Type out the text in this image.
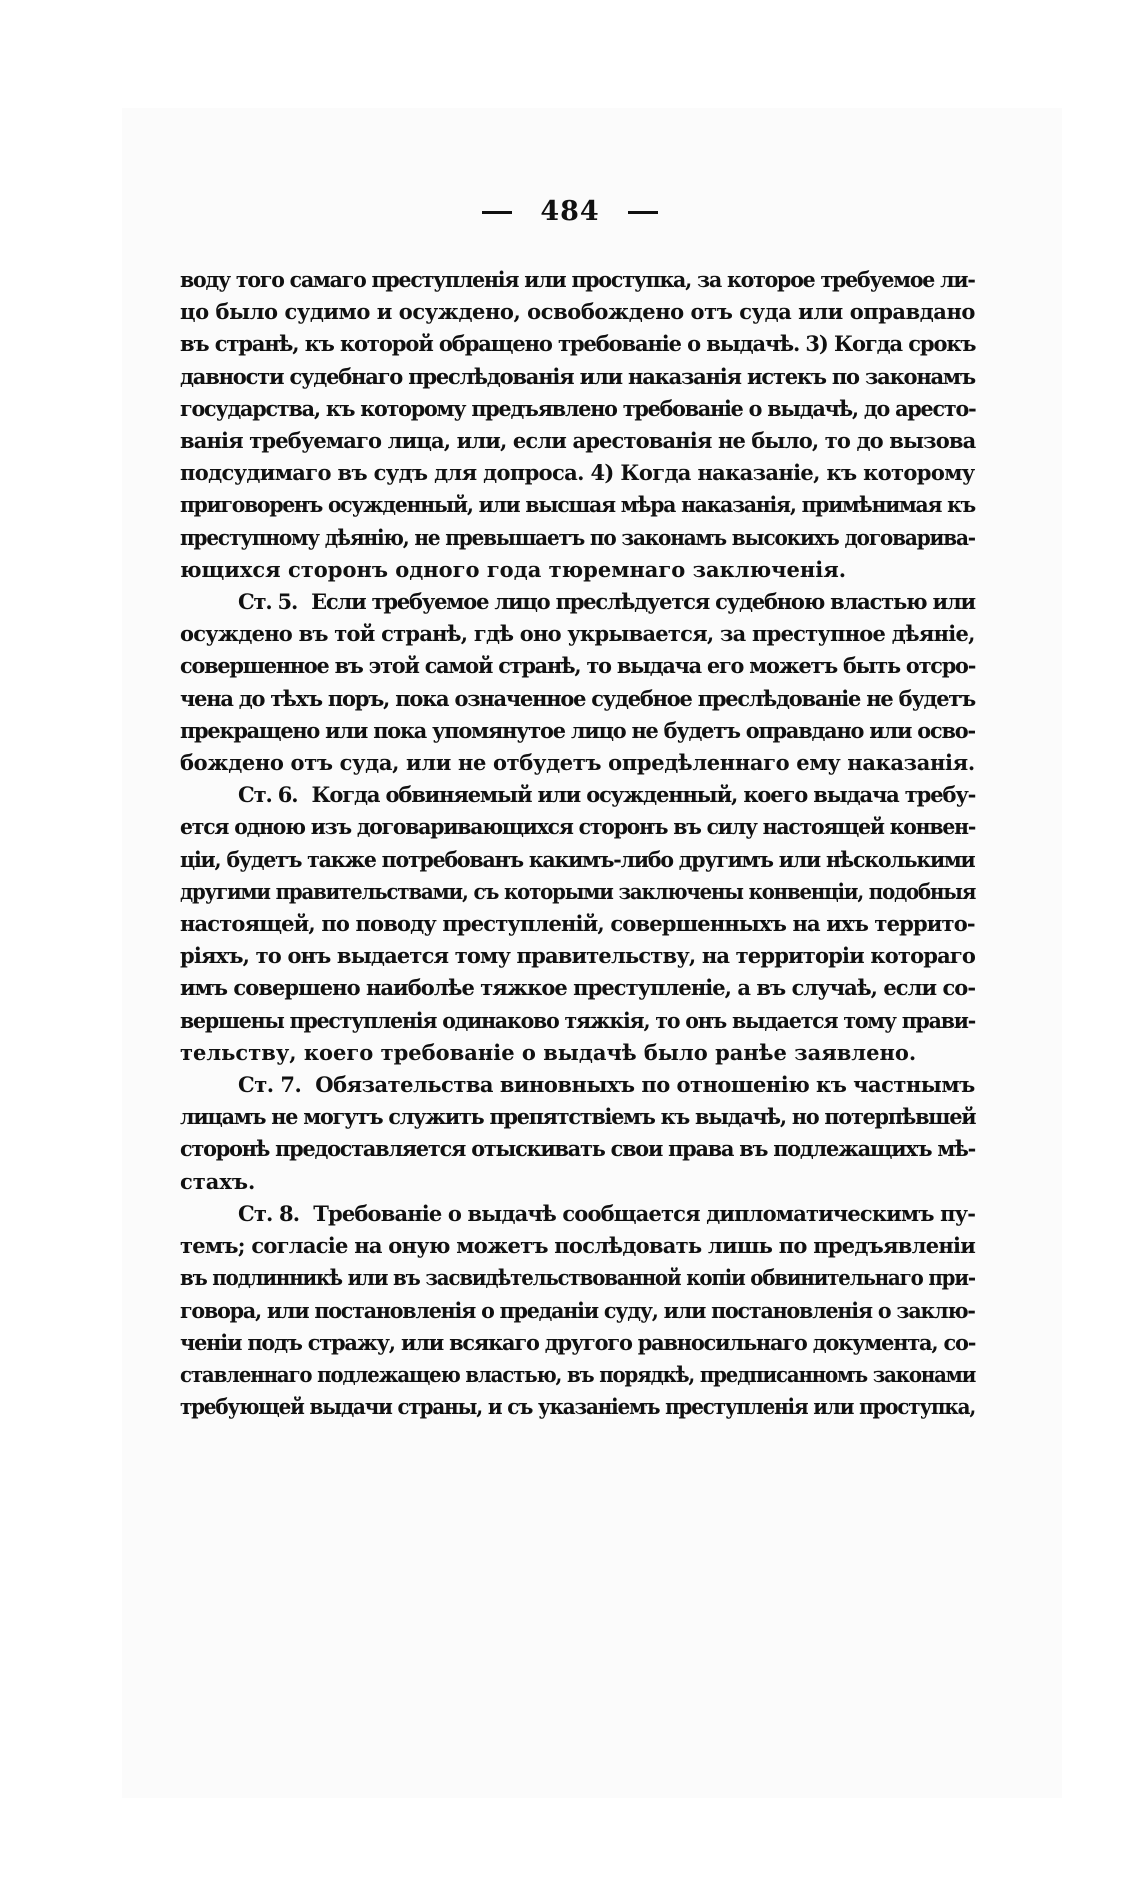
484

воду того самаго преступленія или проступка, за которое требуемое ли-
цо было судимо и осуждено, освобождено отъ суда или оправдано
въ странѣ, къ которой обращено требованіе о выдачѣ. 3) Когда срокъ
давности судебнаго преслѣдованія или наказанія истекъ по законамъ
государства, къ которому предъявлено требованіе о выдачѣ, до аресто-
ванія требуемаго лица, или, если арестованія не было, то до вызова
подсудимаго въ судъ для допроса. 4) Когда наказаніе, къ которому
приговоренъ осужденный, или высшая мѣра наказанія, примѣнимая къ
преступному дѣянію, не превышаетъ по законамъ высокихъ договарива-
ющихся сторонъ одного года тюремнаго заключенія.

Ст. 5. Если требуемое лицо преслѣдуется судебною властью или
осуждено въ той странѣ, гдѣ оно укрывается, за преступное дѣяніе,
совершенное въ этой самой странѣ, то выдача его можетъ быть отсро-
чена до тѣхъ поръ, пока означенное судебное преслѣдованіе не будетъ
прекращено или пока упомянутое лицо не будетъ оправдано или осво-
бождено отъ суда, или не отбудетъ опредѣленнаго ему наказанія.

Ст. 6. Когда обвиняемый или осужденный, коего выдача требу-
ется одною изъ договаривающихся сторонъ въ силу настоящей конвен-
ціи, будетъ также потребованъ какимъ-либо другимъ или нѣсколькими
другими правительствами, съ которыми заключены конвенціи, подобныя
настоящей, по поводу преступленій, совершенныхъ на ихъ террито-
ріяхъ, то онъ выдается тому правительству, на территоріи котораго
имъ совершено наиболѣе тяжкое преступленіе, а въ случаѣ, если со-
вершены преступленія одинаково тяжкія, то онъ выдается тому прави-
тельству, коего требованіе о выдачѣ было ранѣе заявлено.

Ст. 7. Обязательства виновныхъ по отношенію къ частнымъ
лицамъ не могутъ служить препятствіемъ къ выдачѣ, но потерпѣвшей
сторонѣ предоставляется отыскивать свои права въ подлежащихъ мѣ-
стахъ.

Ст. 8. Требованіе о выдачѣ сообщается дипломатическимъ пу-
темъ; согласіе на оную можетъ послѣдовать лишь по предъявленіи
въ подлинникѣ или въ засвидѣтельствованной копіи обвинительнаго при-
говора, или постановленія о преданіи суду, или постановленія о заклю-
ченіи подъ стражу, или всякаго другого равносильнаго документа, со-
ставленнаго подлежащею властью, въ порядкѣ, предписанномъ законами
требующей выдачи страны, и съ указаніемъ преступленія или проступка,
